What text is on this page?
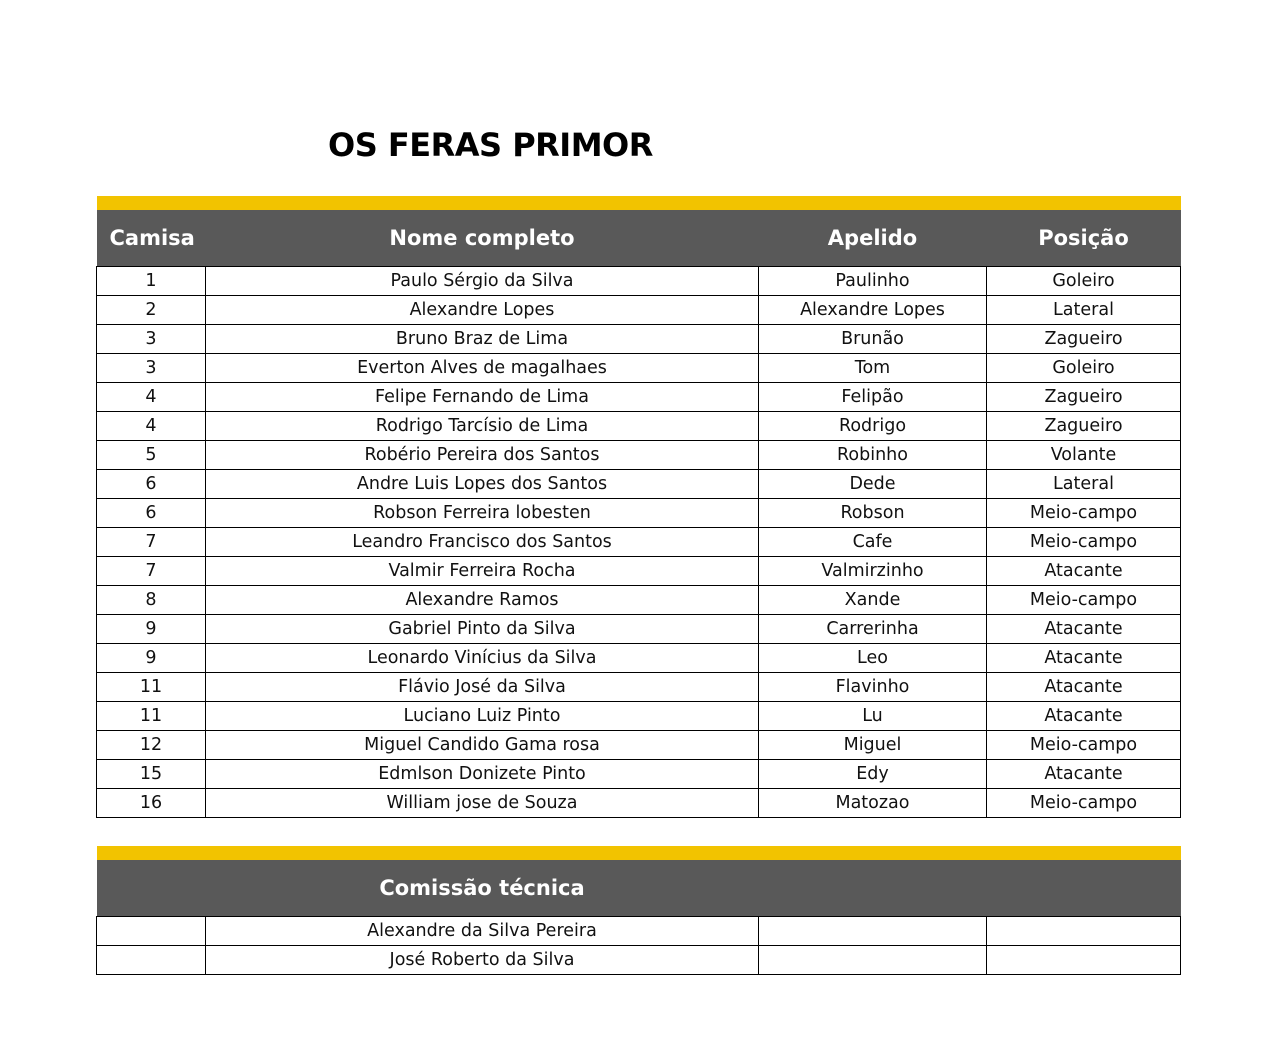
OS FERAS PRIMOR

Camisa	Nome completo	Apelido	Posição
1	Paulo Sérgio da Silva	Paulinho	Goleiro
2	Alexandre Lopes	Alexandre Lopes	Lateral
3	Bruno Braz de Lima	Brunão	Zagueiro
3	Everton Alves de magalhaes	Tom	Goleiro
4	Felipe Fernando de Lima	Felipão	Zagueiro
4	Rodrigo Tarcísio de Lima	Rodrigo	Zagueiro
5	Robério Pereira dos Santos	Robinho	Volante
6	Andre Luis Lopes dos Santos	Dede	Lateral
6	Robson Ferreira lobesten	Robson	Meio-campo
7	Leandro Francisco dos Santos	Cafe	Meio-campo
7	Valmir Ferreira Rocha	Valmirzinho	Atacante
8	Alexandre Ramos	Xande	Meio-campo
9	Gabriel Pinto da Silva	Carrerinha	Atacante
9	Leonardo Vinícius da Silva	Leo	Atacante
11	Flávio José da Silva	Flavinho	Atacante
11	Luciano Luiz Pinto	Lu	Atacante
12	Miguel Candido Gama rosa	Miguel	Meio-campo
15	Edmlson Donizete Pinto	Edy	Atacante
16	William jose de Souza	Matozao	Meio-campo

	Comissão técnica		
	Alexandre da Silva Pereira		
	José Roberto da Silva		
